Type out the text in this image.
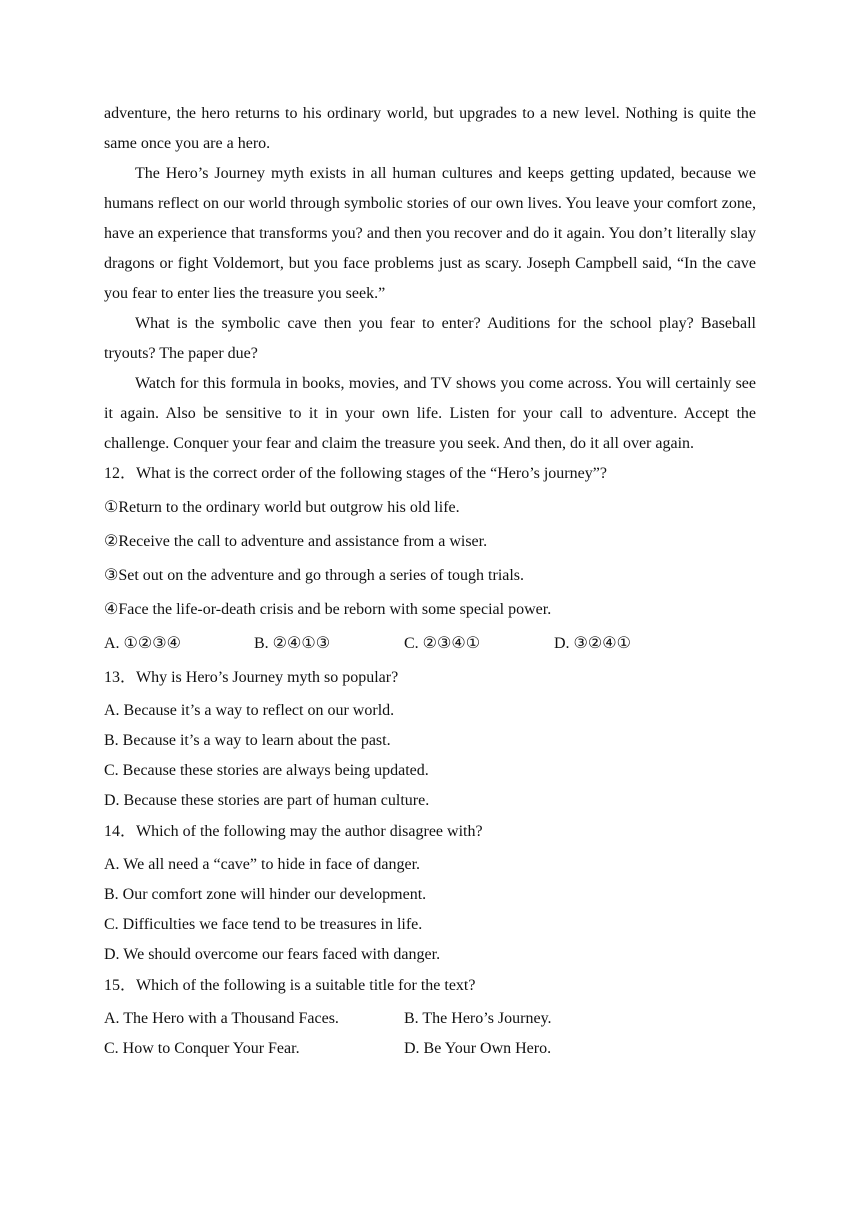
adventure, the hero returns to his ordinary world, but upgrades to a new level. Nothing is quite the same once you are a hero.

The Hero’s Journey myth exists in all human cultures and keeps getting updated, because we humans reflect on our world through symbolic stories of our own lives. You leave your comfort zone, have an experience that transforms you? and then you recover and do it again. You don’t literally slay dragons or fight Voldemort, but you face problems just as scary. Joseph Campbell said, “In the cave you fear to enter lies the treasure you seek.”

What is the symbolic cave then you fear to enter? Auditions for the school play? Baseball tryouts? The paper due?

Watch for this formula in books, movies, and TV shows you come across. You will certainly see it again. Also be sensitive to it in your own life. Listen for your call to adventure. Accept the challenge. Conquer your fear and claim the treasure you seek. And then, do it all over again.

12．What is the correct order of the following stages of the “Hero’s journey”?

①Return to the ordinary world but outgrow his old life.

②Receive the call to adventure and assistance from a wiser.

③Set out on the adventure and go through a series of tough trials.

④Face the life-or-death crisis and be reborn with some special power.

A. ①②③④	B. ②④①③	C. ②③④①	D. ③②④①

13．Why is Hero’s Journey myth so popular?

A. Because it’s a way to reflect on our world.

B. Because it’s a way to learn about the past.

C. Because these stories are always being updated.

D. Because these stories are part of human culture.

14．Which of the following may the author disagree with?

A. We all need a “cave” to hide in face of danger.

B. Our comfort zone will hinder our development.

C. Difficulties we face tend to be treasures in life.

D. We should overcome our fears faced with danger.

15．Which of the following is a suitable title for the text?

A. The Hero with a Thousand Faces.	B. The Hero’s Journey.
C. How to Conquer Your Fear.	D. Be Your Own Hero.
